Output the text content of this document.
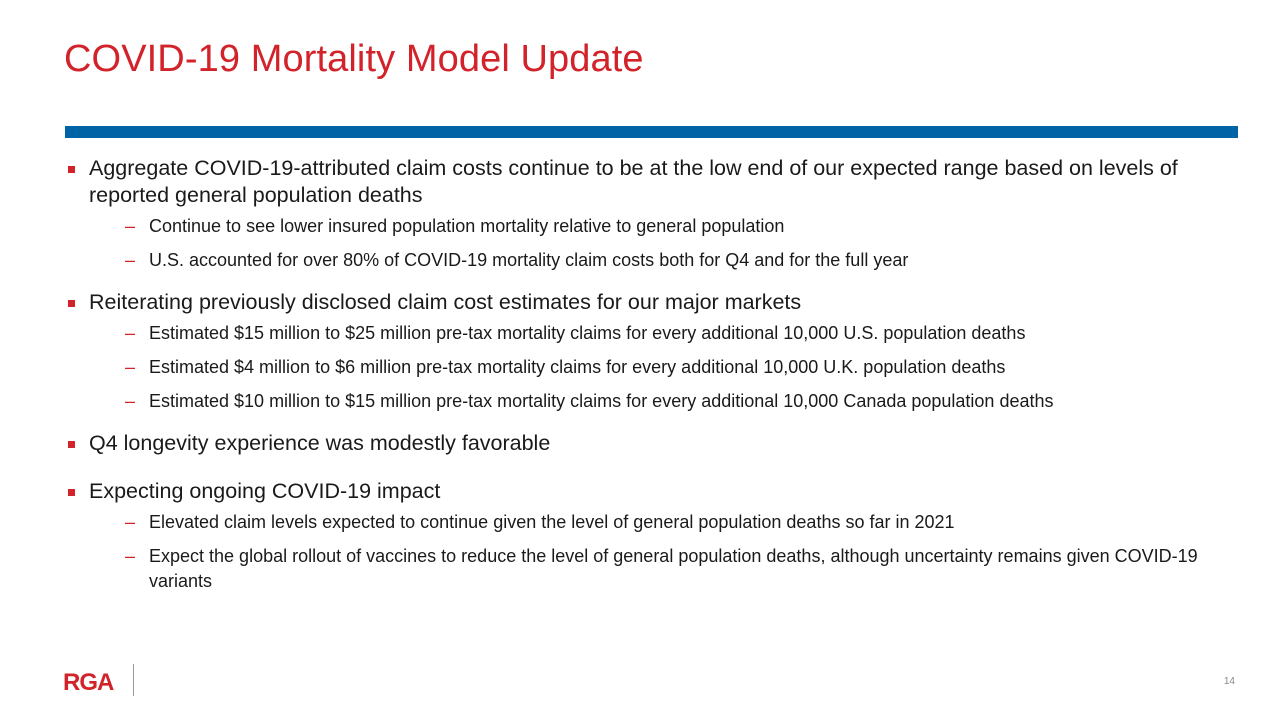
COVID-19 Mortality Model Update
Aggregate COVID-19-attributed claim costs continue to be at the low end of our expected range based on levels of reported general population deaths
– Continue to see lower insured population mortality relative to general population
– U.S. accounted for over 80% of COVID-19 mortality claim costs both for Q4 and for the full year
Reiterating previously disclosed claim cost estimates for our major markets
– Estimated $15 million to $25 million pre-tax mortality claims for every additional 10,000 U.S. population deaths
– Estimated $4 million to $6 million pre-tax mortality claims for every additional 10,000 U.K. population deaths
– Estimated $10 million to $15 million pre-tax mortality claims for every additional 10,000 Canada population deaths
Q4 longevity experience was modestly favorable
Expecting ongoing COVID-19 impact
– Elevated claim levels expected to continue given the level of general population deaths so far in 2021
– Expect the global rollout of vaccines to reduce the level of general population deaths, although uncertainty remains given COVID-19 variants
RGA	14
